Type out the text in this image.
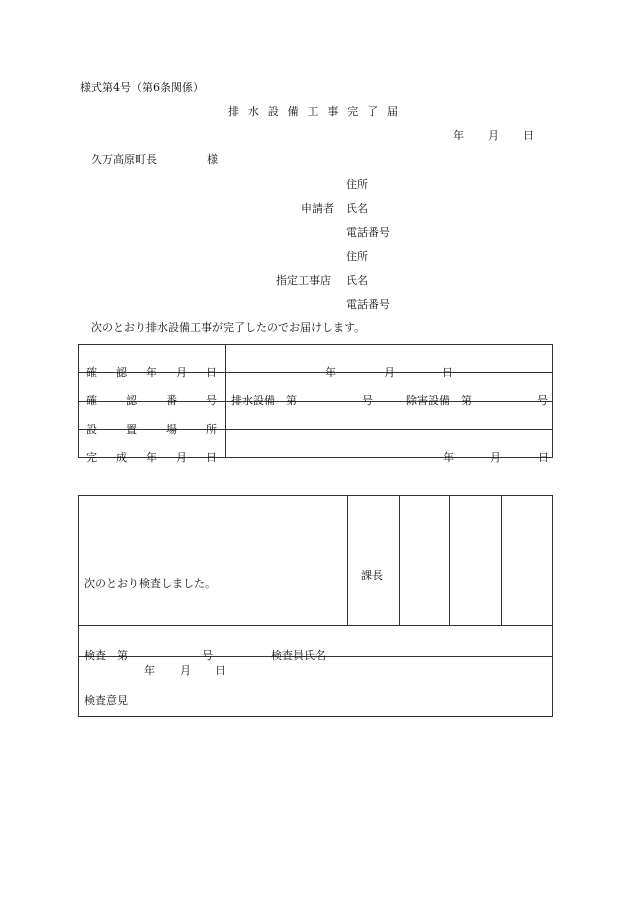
様式第4号（第6条関係）
排 水 設 備 工 事 完 了 届
年 月 日
久万高原町長	様
住所
申請者 氏名
電話番号
住所
指定工事店 氏名
電話番号
次のとおり排水設備工事が完了したのでお届けします。
確 認 年 月 日	年 月 日

確 認 番 号	排水設備　第 号 除害設備　第 号

設 置 場 所	

完 成 年 月 日	年 月 日
次のとおり検査しました。
年 月 日

課長

検査　第	号	検査員氏名

検査意見
